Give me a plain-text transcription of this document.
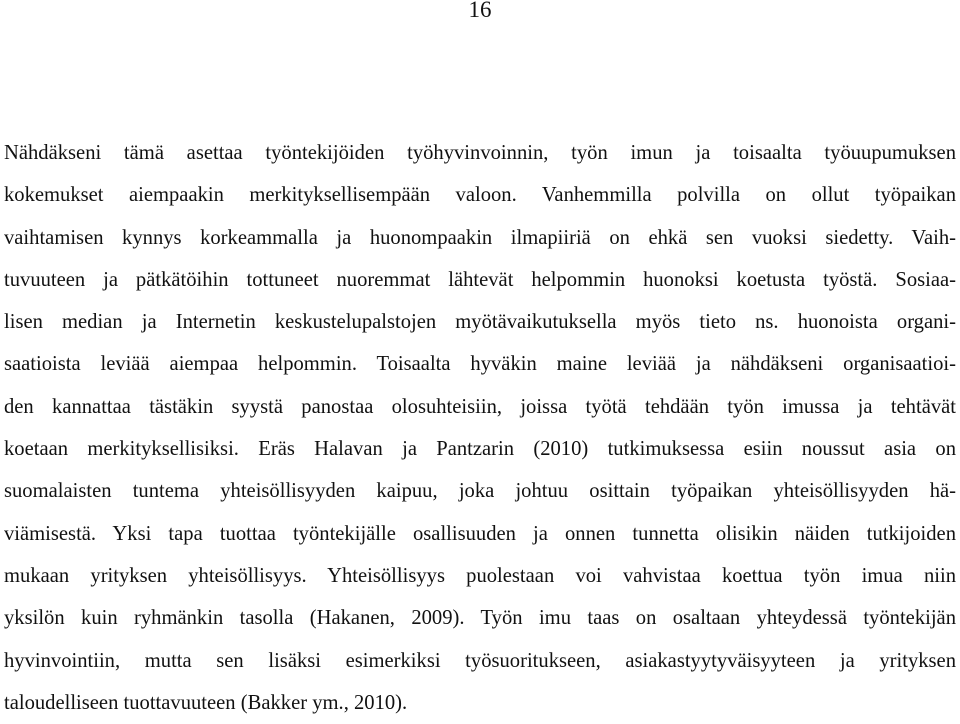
16
Nähdäkseni tämä asettaa työntekijöiden työhyvinvoinnin, työn imun ja toisaalta työuupumuksen
kokemukset aiempaakin merkityksellisempään valoon. Vanhemmilla polvilla on ollut työpaikan
vaihtamisen kynnys korkeammalla ja huonompaakin ilmapiiriä on ehkä sen vuoksi siedetty. Vaih-
tuvuuteen ja pätkätöihin tottuneet nuoremmat lähtevät helpommin huonoksi koetusta työstä. Sosiaa-
lisen median ja Internetin keskustelupalstojen myötävaikutuksella myös tieto ns. huonoista organi-
saatioista leviää aiempaa helpommin. Toisaalta hyväkin maine leviää ja nähdäkseni organisaatioi-
den kannattaa tästäkin syystä panostaa olosuhteisiin, joissa työtä tehdään työn imussa ja tehtävät
koetaan merkityksellisiksi. Eräs Halavan ja Pantzarin (2010) tutkimuksessa esiin noussut asia on
suomalaisten tuntema yhteisöllisyyden kaipuu, joka johtuu osittain työpaikan yhteisöllisyyden hä-
viämisestä. Yksi tapa tuottaa työntekijälle osallisuuden ja onnen tunnetta olisikin näiden tutkijoiden
mukaan yrityksen yhteisöllisyys. Yhteisöllisyys puolestaan voi vahvistaa koettua työn imua niin
yksilön kuin ryhmänkin tasolla (Hakanen, 2009). Työn imu taas on osaltaan yhteydessä työntekijän
hyvinvointiin, mutta sen lisäksi esimerkiksi työsuoritukseen, asiakastyytyväisyyteen ja yrityksen
taloudelliseen tuottavuuteen (Bakker ym., 2010).
